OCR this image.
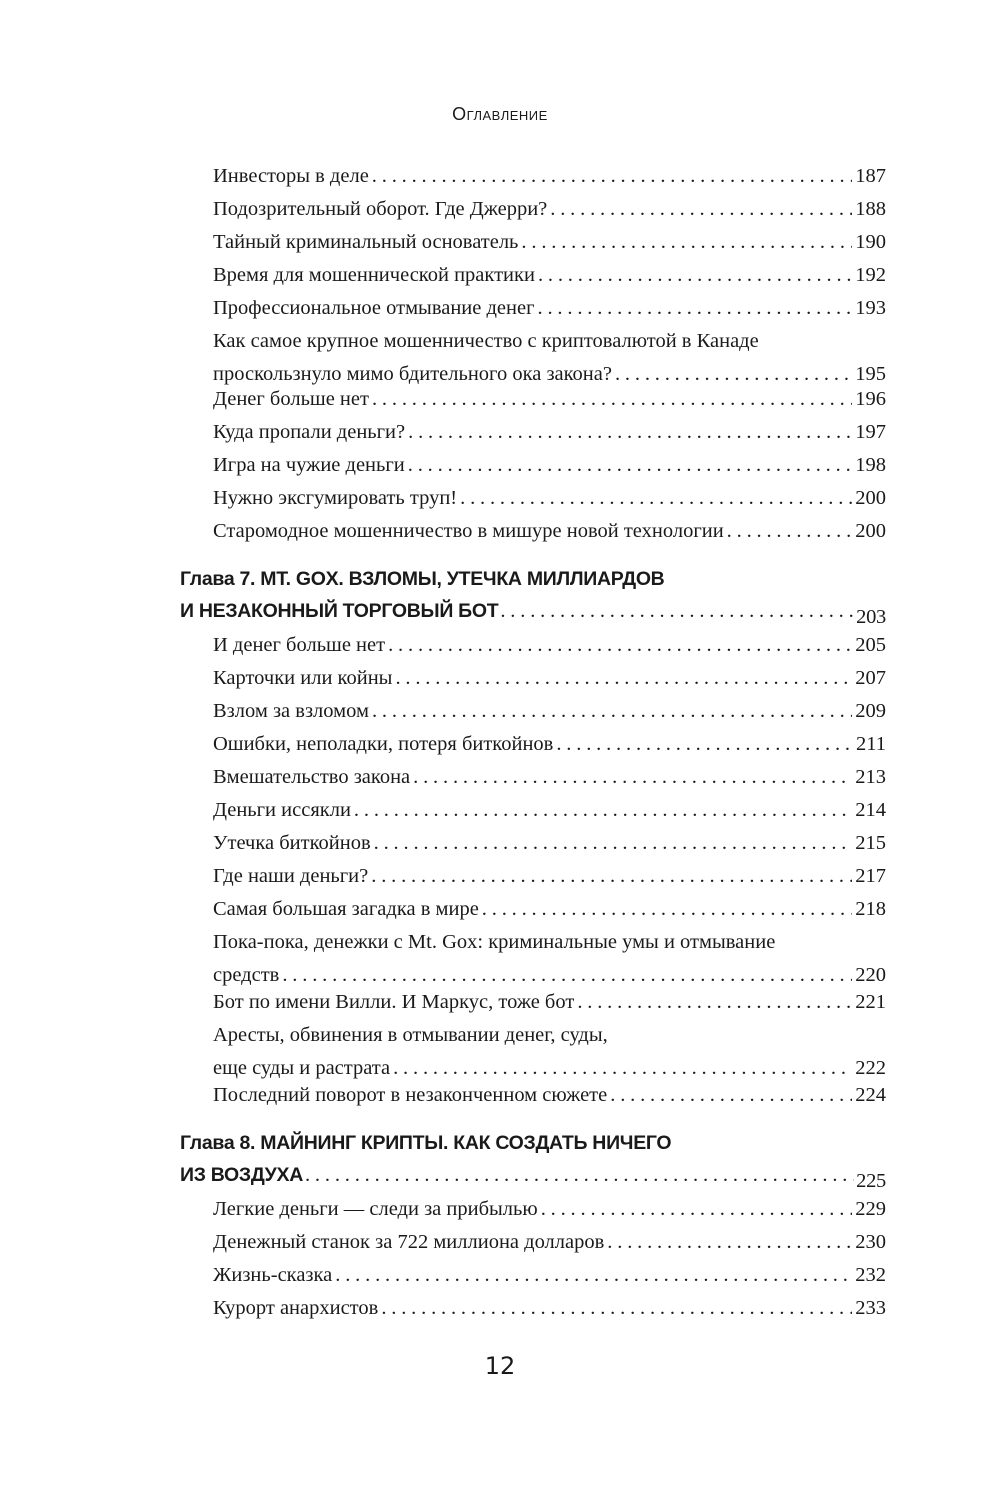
Оглавление
Инвесторы в деле . . .	187
Подозрительный оборот. Где Джерри? . . .	188
Тайный криминальный основатель . . .	190
Время для мошеннической практики . . .	192
Профессиональное отмывание денег . . .	193
Как самое крупное мошенничество с криптовалютой в Канаде
проскользнуло мимо бдительного ока закона? . . .	195
Денег больше нет . . .	196
Куда пропали деньги? . . .	197
Игра на чужие деньги . . .	198
Нужно эксгумировать труп! . . .	200
Старомодное мошенничество в мишуре новой технологии . . .	200
Глава 7. MT. GOX. ВЗЛОМЫ, УТЕЧКА МИЛЛИАРДОВ
И НЕЗАКОННЫЙ ТОРГОВЫЙ БОТ . . .	203
И денег больше нет . . .	205
Карточки или койны . . .	207
Взлом за взломом . . .	209
Ошибки, неполадки, потеря биткойнов . . .	211
Вмешательство закона . . .	213
Деньги иссякли . . .	214
Утечка биткойнов . . .	215
Где наши деньги? . . .	217
Самая большая загадка в мире . . .	218
Пока-пока, денежки с Mt. Gox: криминальные умы и отмывание
средств . . .	220
Бот по имени Вилли. И Маркус, тоже бот . . .	221
Аресты, обвинения в отмывании денег, суды,
еще суды и растрата . . .	222
Последний поворот в незаконченном сюжете . . .	224
Глава 8. МАЙНИНГ КРИПТЫ. КАК СОЗДАТЬ НИЧЕГО
ИЗ ВОЗДУХА . . .	225
Легкие деньги — следи за прибылью . . .	229
Денежный станок за 722 миллиона долларов . . .	230
Жизнь-сказка . . .	232
Курорт анархистов . . .	233
12
